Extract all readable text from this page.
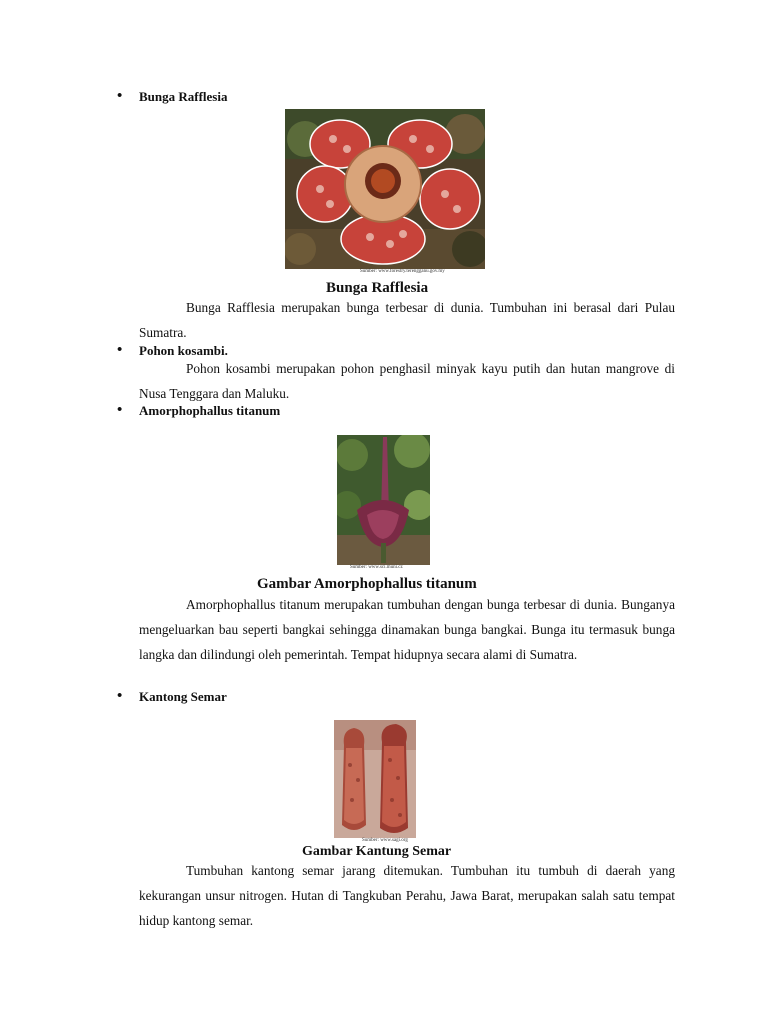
Bunga Rafflesia
Sumber: www.forestry.terengganu.gov.my
Bunga Rafflesia
Bunga Rafflesia merupakan bunga terbesar di dunia. Tumbuhan ini berasal dari Pulau Sumatra.
Pohon kosambi.
Pohon kosambi merupakan pohon penghasil minyak kayu putih dan hutan mangrove di Nusa Tenggara dan Maluku.
Amorphophallus titanum
Sumber: www.sci.muni.cz
Gambar Amorphophallus titanum
Amorphophallus titanum merupakan tumbuhan dengan bunga terbesar di dunia. Bunganya mengeluarkan bau seperti bangkai sehingga dinamakan bunga bangkai. Bunga itu termasuk bunga langka dan dilindungi oleh pemerintah. Tempat hidupnya secara alami di Sumatra.
Kantong Semar
Sumber: www.sagi.org
Gambar Kantung Semar
Tumbuhan kantong semar jarang ditemukan. Tumbuhan itu tumbuh di daerah yang kekurangan unsur nitrogen. Hutan di Tangkuban Perahu, Jawa Barat, merupakan salah satu tempat hidup kantong semar.
